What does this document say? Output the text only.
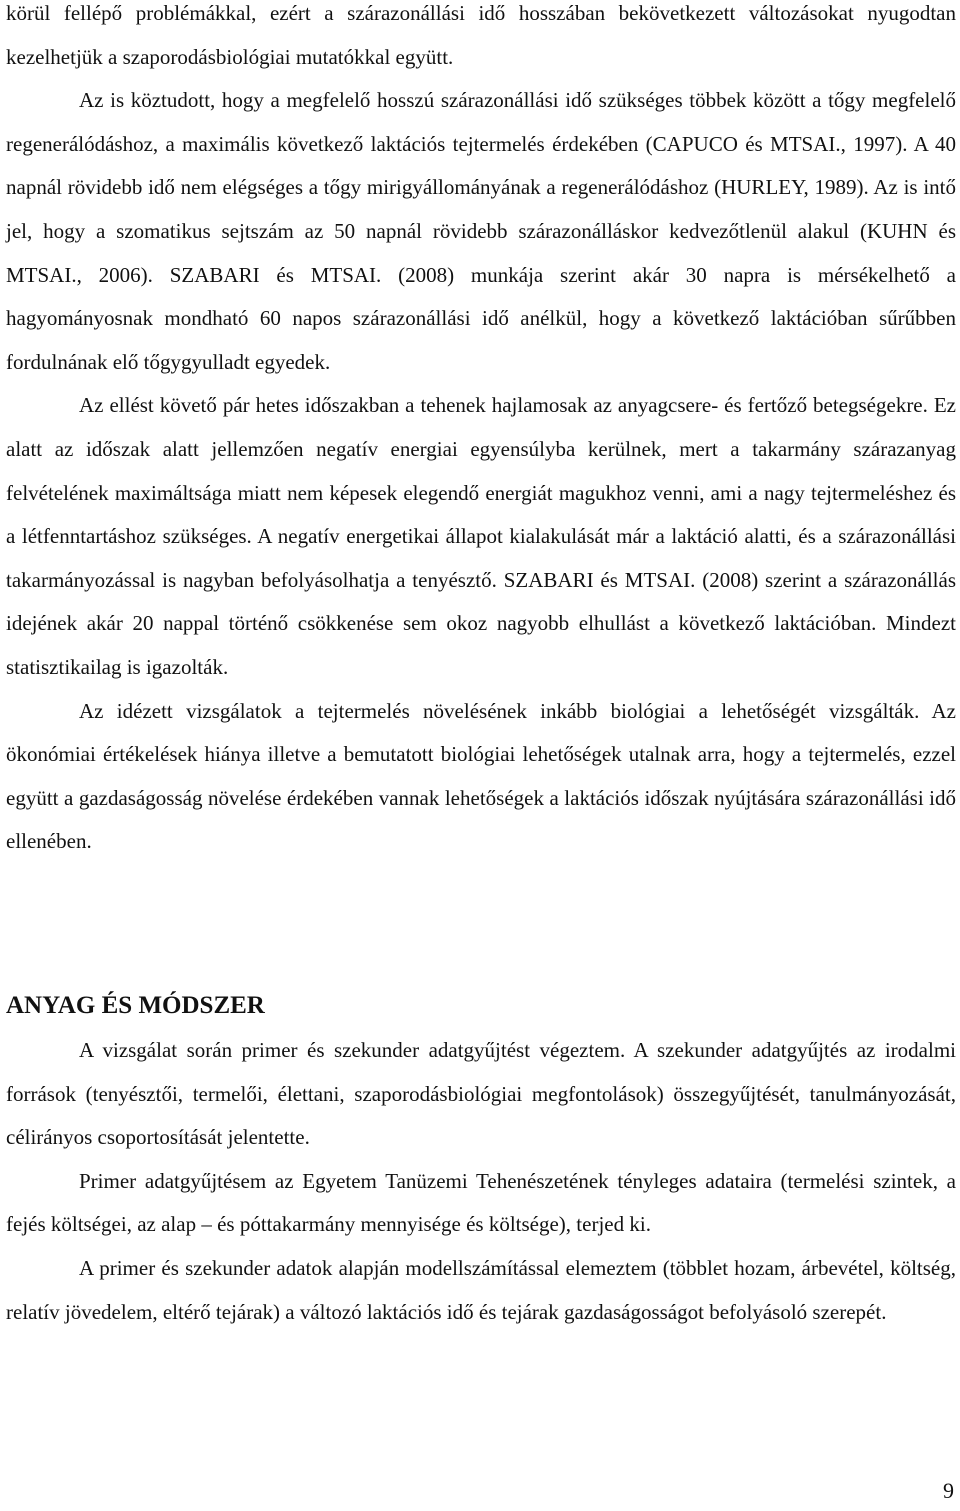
körül fellépő problémákkal, ezért a szárazonállási idő hosszában bekövetkezett változásokat nyugodtan kezelhetjük a szaporodásbiológiai mutatókkal együtt.

Az is köztudott, hogy a megfelelő hosszú szárazonállási idő szükséges többek között a tőgy megfelelő regenerálódáshoz, a maximális következő laktációs tejtermelés érdekében (CAPUCO és MTSAI., 1997). A 40 napnál rövidebb idő nem elégséges a tőgy mirigyállományának a regenerálódáshoz (HURLEY, 1989). Az is intő jel, hogy a szomatikus sejtszám az 50 napnál rövidebb szárazonálláskor kedvezőtlenül alakul (KUHN és MTSAI., 2006). SZABARI és MTSAI. (2008) munkája szerint akár 30 napra is mérsékelhető a hagyományosnak mondható 60 napos szárazonállási idő anélkül, hogy a következő laktációban sűrűbben fordulnának elő tőgygyulladt egyedek.

Az ellést követő pár hetes időszakban a tehenek hajlamosak az anyagcsere- és fertőző betegségekre. Ez alatt az időszak alatt jellemzően negatív energiai egyensúlyba kerülnek, mert a takarmány szárazanyag felvételének maximáltsága miatt nem képesek elegendő energiát magukhoz venni, ami a nagy tejtermeléshez és a létfenntartáshoz szükséges. A negatív energetikai állapot kialakulását már a laktáció alatti, és a szárazonállási takarmányozással is nagyban befolyásolhatja a tenyésztő. SZABARI és MTSAI. (2008) szerint a szárazonállás idejének akár 20 nappal történő csökkenése sem okoz nagyobb elhullást a következő laktációban. Mindezt statisztikailag is igazolták.

Az idézett vizsgálatok a tejtermelés növelésének inkább biológiai a lehetőségét vizsgálták. Az ökonómiai értékelések hiánya illetve a bemutatott biológiai lehetőségek utalnak arra, hogy a tejtermelés, ezzel együtt a gazdaságosság növelése érdekében vannak lehetőségek a laktációs időszak nyújtására szárazonállási idő ellenében.

ANYAG ÉS MÓDSZER

A vizsgálat során primer és szekunder adatgyűjtést végeztem. A szekunder adatgyűjtés az irodalmi források (tenyésztői, termelői, élettani, szaporodásbiológiai megfontolások) összegyűjtését, tanulmányozását, célirányos csoportosítását jelentette.

Primer adatgyűjtésem az Egyetem Tanüzemi Tehenészetének tényleges adataira (termelési szintek, a fejés költségei, az alap – és póttakarmány mennyisége és költsége), terjed ki.

A primer és szekunder adatok alapján modellszámítással elemeztem (többlet hozam, árbevétel, költség, relatív jövedelem, eltérő tejárak) a változó laktációs idő és tejárak gazdaságosságot befolyásoló szerepét.

9
